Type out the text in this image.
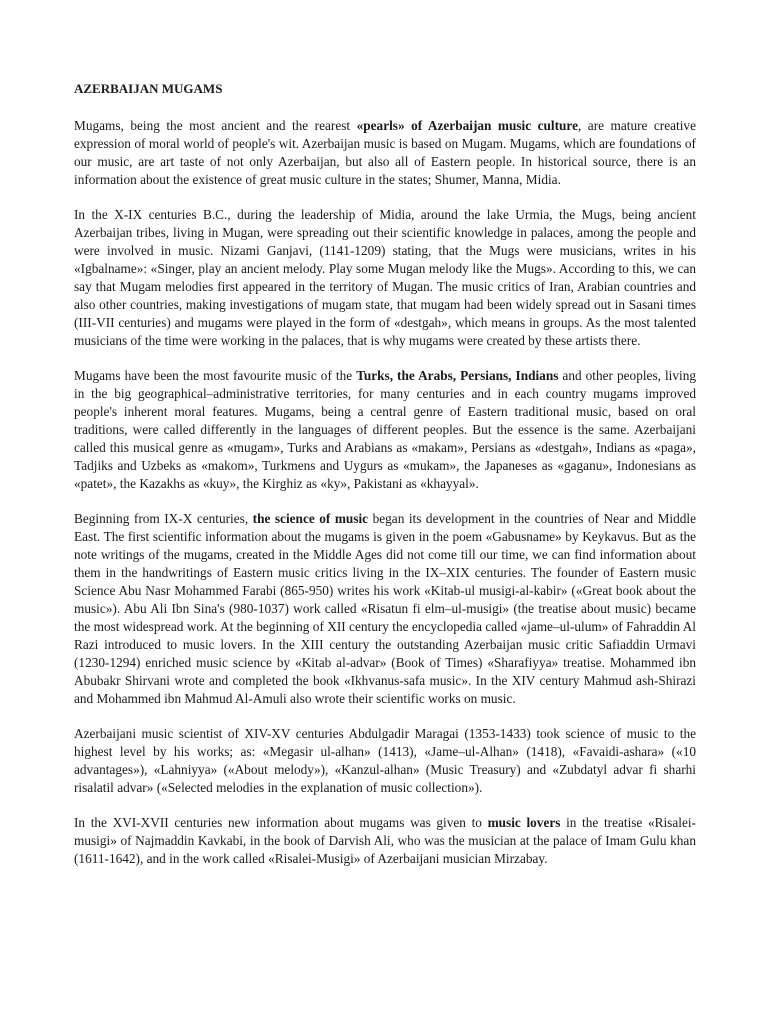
AZERBAIJAN MUGAMS

Mugams, being the most ancient and the rearest «pearls» of Azerbaijan music culture, are mature creative expression of moral world of people's wit. Azerbaijan music is based on Mugam. Mugams, which are foundations of our music, are art taste of not only Azerbaijan, but also all of Eastern people. In historical source, there is an information about the existence of great music culture in the states; Shumer, Manna, Midia.

In the X-IX centuries B.C., during the leadership of Midia, around the lake Urmia, the Mugs, being ancient Azerbaijan tribes, living in Mugan, were spreading out their scientific knowledge in palaces, among the people and were involved in music. Nizami Ganjavi, (1141-1209) stating, that the Mugs were musicians, writes in his «Igbalname»: «Singer, play an ancient melody. Play some Mugan melody like the Mugs». According to this, we can say that Mugam melodies first appeared in the territory of Mugan. The music critics of Iran, Arabian countries and also other countries, making investigations of mugam state, that mugam had been widely spread out in Sasani times (III-VII centuries) and mugams were played in the form of «destgah», which means in groups. As the most talented musicians of the time were working in the palaces, that is why mugams were created by these artists there.

Mugams have been the most favourite music of the Turks, the Arabs, Persians, Indians and other peoples, living in the big geographical–administrative territories, for many centuries and in each country mugams improved people's inherent moral features. Mugams, being a central genre of Eastern traditional music, based on oral traditions, were called differently in the languages of different peoples. But the essence is the same. Azerbaijani called this musical genre as «mugam», Turks and Arabians as «makam», Persians as «destgah», Indians as «paga», Tadjiks and Uzbeks as «makom», Turkmens and Uygurs as «mukam», the Japaneses as «gaganu», Indonesians as «patet», the Kazakhs as «kuy», the Kirghiz as «ky», Pakistani as «khayyal».

Beginning from IX-X centuries, the science of music began its development in the countries of Near and Middle East. The first scientific information about the mugams is given in the poem «Gabusname» by Keykavus. But as the note writings of the mugams, created in the Middle Ages did not come till our time, we can find information about them in the handwritings of Eastern music critics living in the IX–XIX centuries. The founder of Eastern music Science Abu Nasr Mohammed Farabi (865-950) writes his work «Kitab-ul musigi-al-kabir» («Great book about the music»). Abu Ali Ibn Sina's (980-1037) work called «Risatun fi elm–ul-musigi» (the treatise about music) became the most widespread work. At the beginning of XII century the encyclopedia called «jame–ul-ulum» of Fahraddin Al Razi introduced to music lovers. In the XIII century the outstanding Azerbaijan music critic Safiaddin Urmavi (1230-1294) enriched music science by «Kitab al-advar» (Book of Times) «Sharafiyya» treatise. Mohammed ibn Abubakr Shirvani wrote and completed the book «Ikhvanus-safa music». In the XIV century Mahmud ash-Shirazi and Mohammed ibn Mahmud Al-Amuli also wrote their scientific works on music.

Azerbaijani music scientist of XIV-XV centuries Abdulgadir Maragai (1353-1433) took science of music to the highest level by his works; as: «Megasir ul-alhan» (1413), «Jame–ul-Alhan» (1418), «Favaidi-ashara» («10 advantages»), «Lahniyya» («About melody»), «Kanzul-alhan» (Music Treasury) and «Zubdatyl advar fi sharhi risalatil advar» («Selected melodies in the explanation of music collection»).

In the XVI-XVII centuries new information about mugams was given to music lovers in the treatise «Risalei-musigi» of Najmaddin Kavkabi, in the book of Darvish Ali, who was the musician at the palace of Imam Gulu khan (1611-1642), and in the work called «Risalei-Musigi» of Azerbaijani musician Mirzabay.
